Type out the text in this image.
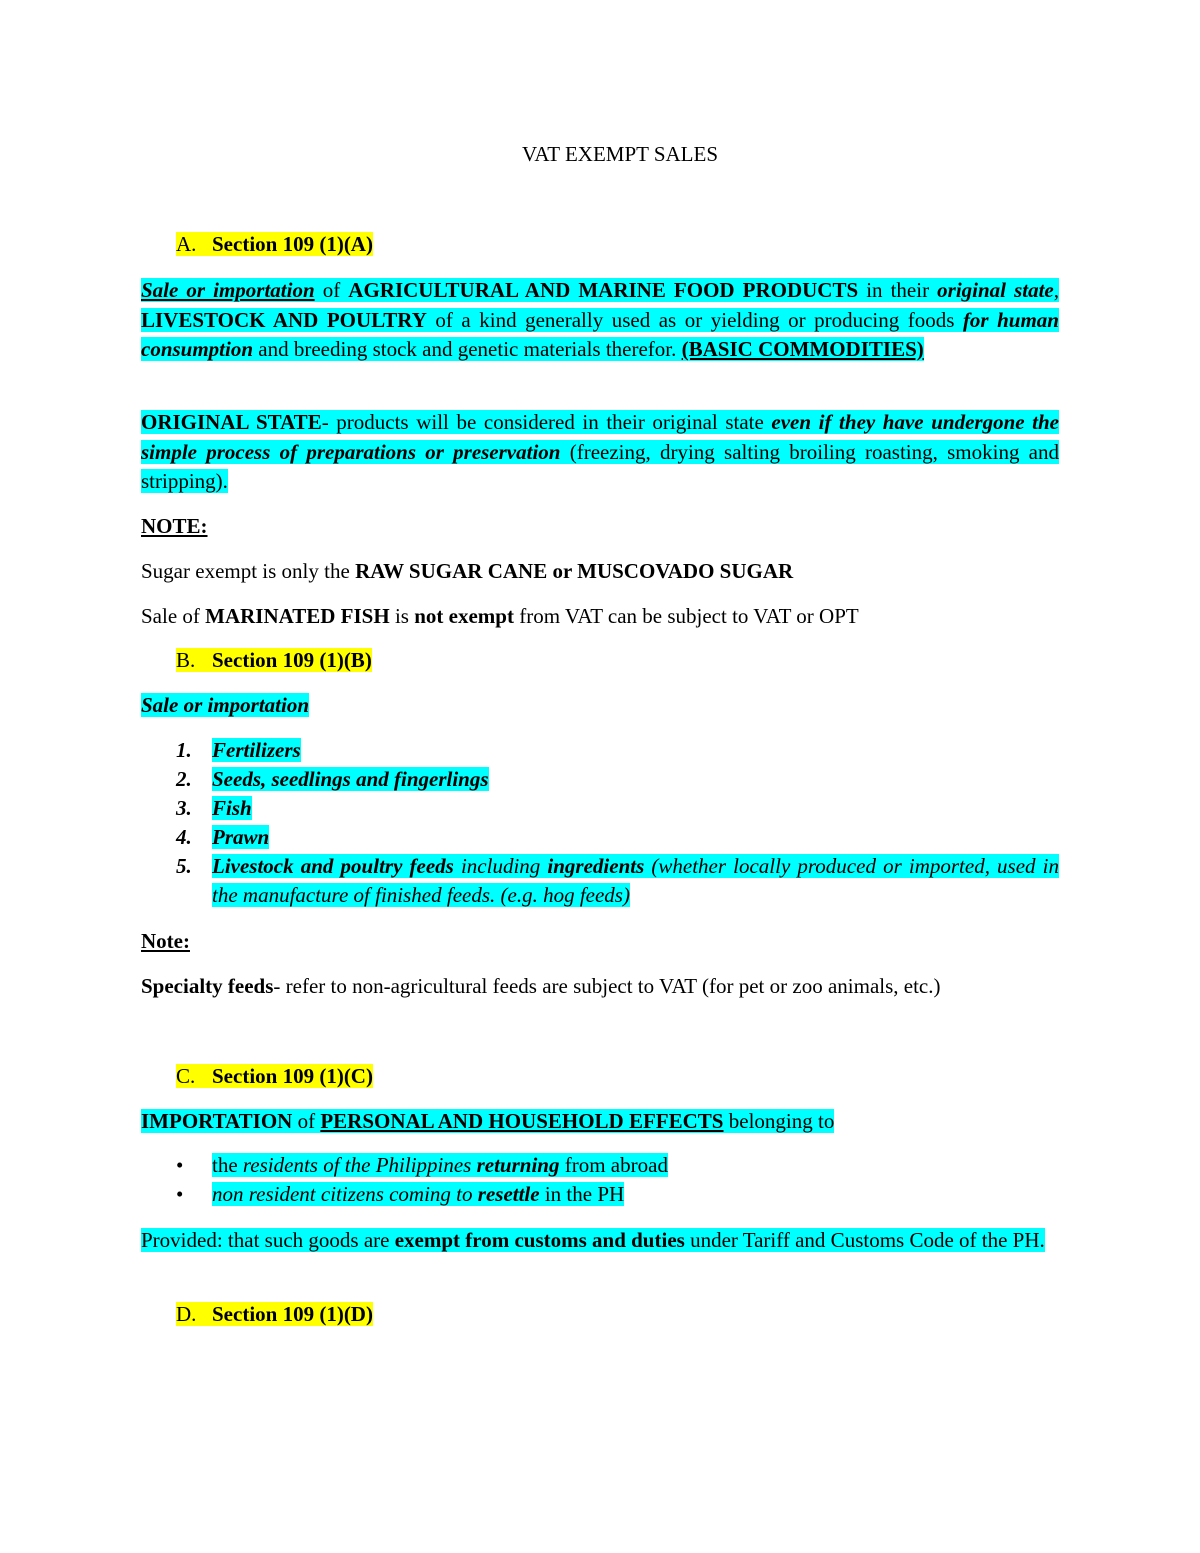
VAT EXEMPT SALES
A. Section 109 (1)(A)
Sale or importation of AGRICULTURAL AND MARINE FOOD PRODUCTS in their original state, LIVESTOCK AND POULTRY of a kind generally used as or yielding or producing foods for human consumption and breeding stock and genetic materials therefor. (BASIC COMMODITIES)
ORIGINAL STATE- products will be considered in their original state even if they have undergone the simple process of preparations or preservation (freezing, drying salting broiling roasting, smoking and stripping).
NOTE:
Sugar exempt is only the RAW SUGAR CANE or MUSCOVADO SUGAR
Sale of MARINATED FISH is not exempt from VAT can be subject to VAT or OPT
B. Section 109 (1)(B)
Sale or importation
1. Fertilizers
2. Seeds, seedlings and fingerlings
3. Fish
4. Prawn
5. Livestock and poultry feeds including ingredients (whether locally produced or imported, used in the manufacture of finished feeds. (e.g. hog feeds)
Note:
Specialty feeds- refer to non-agricultural feeds are subject to VAT (for pet or zoo animals, etc.)
C. Section 109 (1)(C)
IMPORTATION of PERSONAL AND HOUSEHOLD EFFECTS belonging to
• the residents of the Philippines returning from abroad
• non resident citizens coming to resettle in the PH
Provided: that such goods are exempt from customs and duties under Tariff and Customs Code of the PH.
D. Section 109 (1)(D)
